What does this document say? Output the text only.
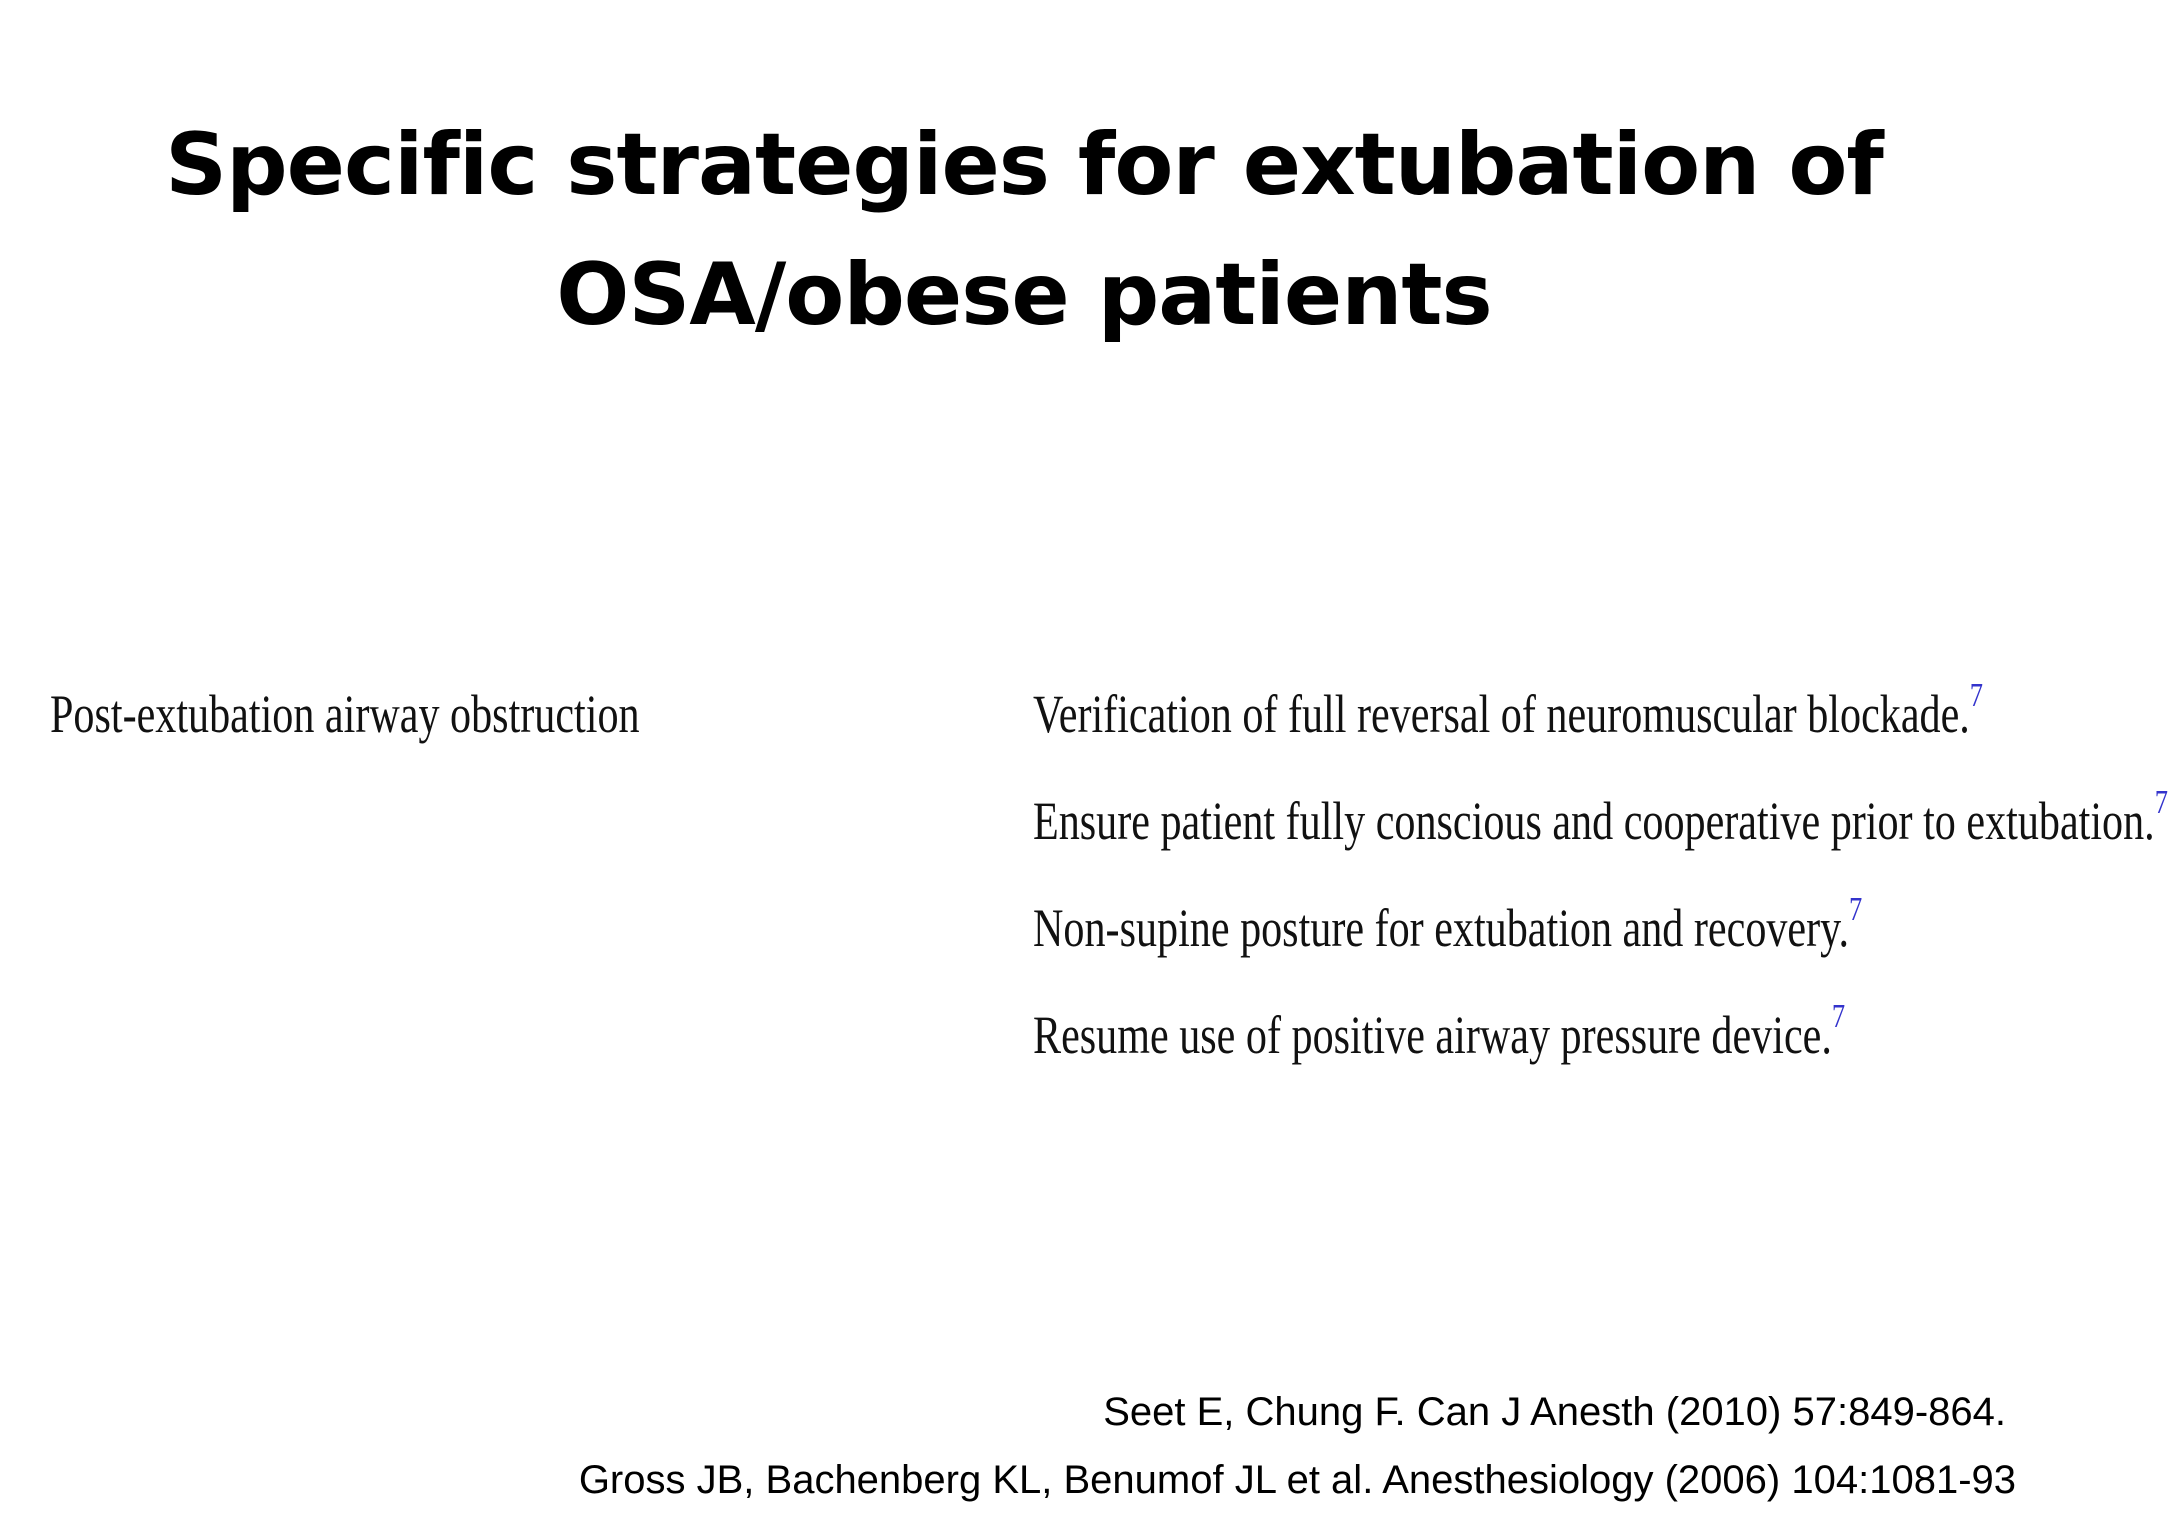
Specific strategies for extubation of
OSA/obese patients
Post-extubation airway obstruction	Verification of full reversal of neuromuscular blockade.$^7$
Ensure patient fully conscious and cooperative prior to extubation.$^7$
Non-supine posture for extubation and recovery.$^7$
Resume use of positive airway pressure device.$^7$
Seet E, Chung F. Can J Anesth (2010) 57:849-864.
Gross JB, Bachenberg KL, Benumof JL et al. Anesthesiology (2006) 104:1081-93
